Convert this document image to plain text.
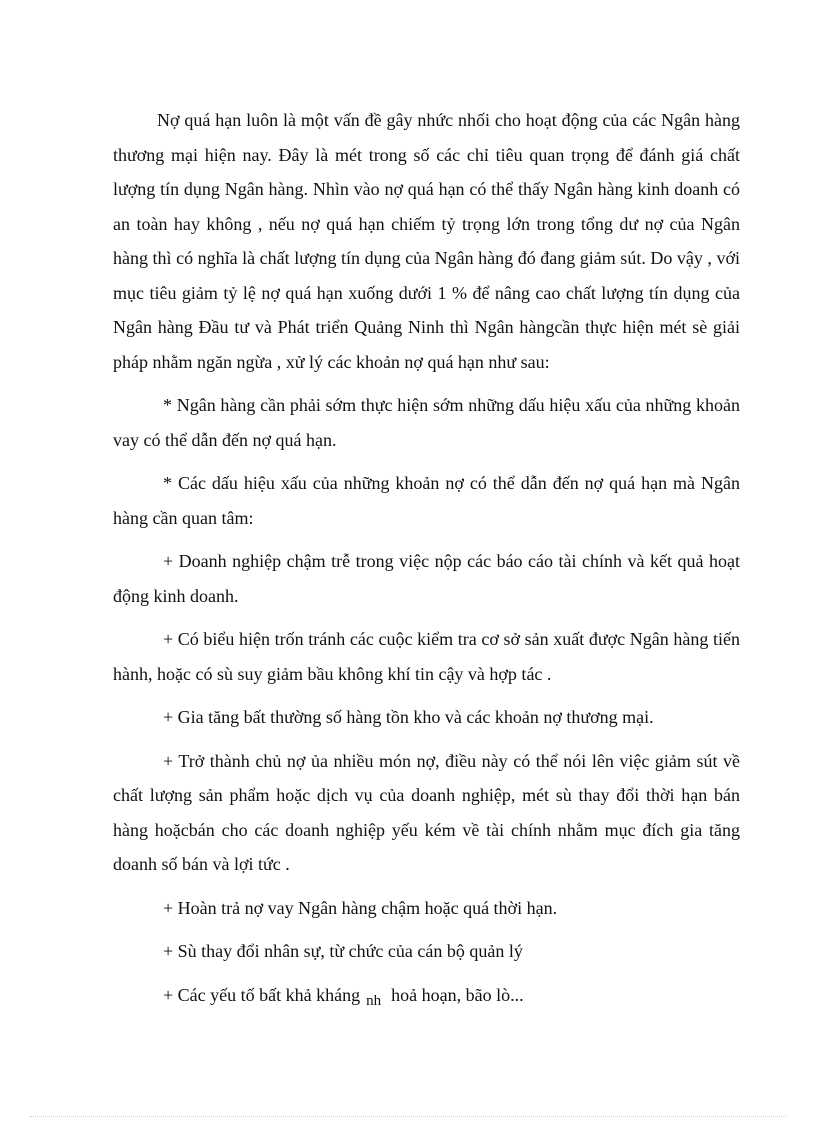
Nợ quá hạn luôn là một vấn đề gây nhức nhối cho hoạt động của các Ngân hàng thương mại hiện nay. Đây là mét trong số các chỉ tiêu quan trọng để đánh giá chất lượng tín dụng Ngân hàng. Nhìn vào nợ quá hạn có thể thấy Ngân hàng kinh doanh có an toàn hay không , nếu nợ quá hạn chiếm tỷ trọng lớn trong tổng dư nợ của Ngân hàng thì có nghĩa là chất lượng tín dụng của Ngân hàng đó đang giảm sút. Do vậy , với mục tiêu giảm tỷ lệ nợ quá hạn xuống dưới 1 % để nâng cao chất lượng tín dụng của Ngân hàng Đầu tư và Phát triển Quảng Ninh thì Ngân hàngcần thực hiện mét sè giải pháp nhằm ngăn ngừa , xử lý các khoản nợ quá hạn như sau:

* Ngân hàng cần phải sớm thực hiện sớm những dấu hiệu xấu của những khoản vay có thể dẫn đến nợ quá hạn.

* Các dấu hiệu xấu của những khoản nợ có thể dẫn đến nợ quá hạn mà Ngân hàng cần quan tâm:

+ Doanh nghiệp chậm trễ trong việc nộp các báo cáo tài chính và kết quả hoạt động kinh doanh.

+ Có biểu hiện trốn tránh các cuộc kiểm tra cơ sở sản xuất được Ngân hàng tiến hành, hoặc có sù suy giảm bầu không khí tin cậy và hợp tác .

+ Gia tăng bất thường số hàng tồn kho và các khoản nợ thương mại.

+ Trở thành chủ nợ ủa nhiều món nợ, điều này có thể nói lên việc giảm sút về chất lượng sản phẩm hoặc dịch vụ của doanh nghiệp, mét sù thay đổi thời hạn bán hàng hoặcbán cho các doanh nghiệp yếu kém về tài chính nhằm mục đích gia tăng doanh số bán và lợi tức .

+ Hoàn trả nợ vay Ngân hàng chậm hoặc quá thời hạn.

+ Sù thay đổi nhân sự, từ chức của cán bộ quản lý

+ Các yếu tố bất khả kháng $_{nh}$ hoả hoạn, bão lò...
